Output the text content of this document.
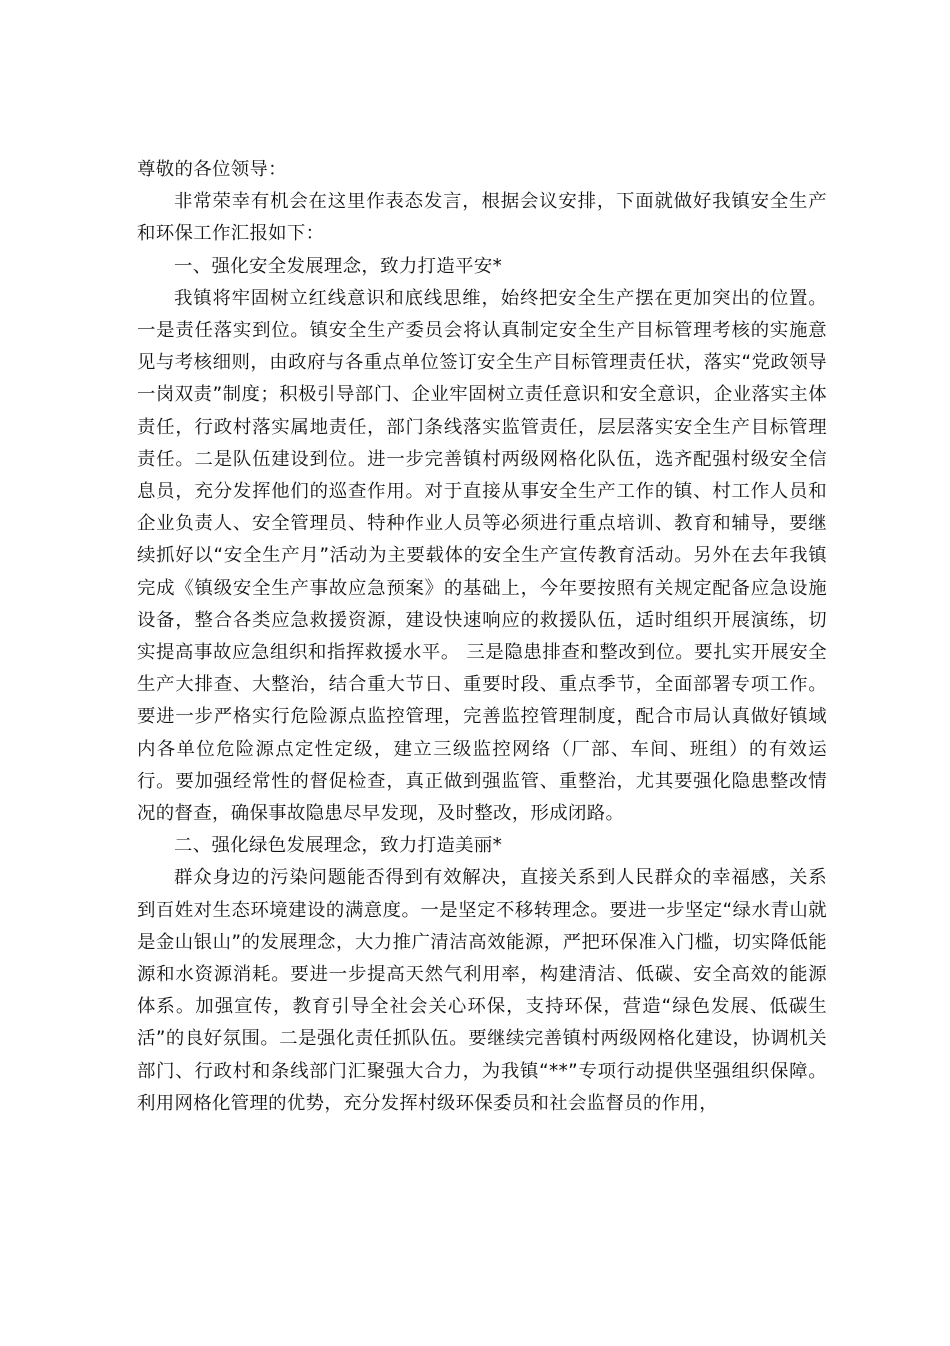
尊敬的各位领导：

非常荣幸有机会在这里作表态发言，根据会议安排，下面就做好我镇安全生产和环保工作汇报如下：

一、强化安全发展理念，致力打造平安*

我镇将牢固树立红线意识和底线思维，始终把安全生产摆在更加突出的位置。一是责任落实到位。镇安全生产委员会将认真制定安全生产目标管理考核的实施意见与考核细则，由政府与各重点单位签订安全生产目标管理责任状，落实“党政领导一岗双责”制度；积极引导部门、企业牢固树立责任意识和安全意识，企业落实主体责任，行政村落实属地责任，部门条线落实监管责任，层层落实安全生产目标管理责任。二是队伍建设到位。进一步完善镇村两级网格化队伍，选齐配强村级安全信息员，充分发挥他们的巡查作用。对于直接从事安全生产工作的镇、村工作人员和企业负责人、安全管理员、特种作业人员等必须进行重点培训、教育和辅导，要继续抓好以“安全生产月”活动为主要载体的安全生产宣传教育活动。另外在去年我镇完成《镇级安全生产事故应急预案》的基础上，今年要按照有关规定配备应急设施设备，整合各类应急救援资源，建设快速响应的救援队伍，适时组织开展演练，切实提高事故应急组织和指挥救援水平。 三是隐患排查和整改到位。要扎实开展安全生产大排查、大整治，结合重大节日、重要时段、重点季节，全面部署专项工作。要进一步严格实行危险源点监控管理，完善监控管理制度，配合市局认真做好镇域内各单位危险源点定性定级，建立三级监控网络（厂部、车间、班组）的有效运行。要加强经常性的督促检查，真正做到强监管、重整治，尤其要强化隐患整改情况的督查，确保事故隐患尽早发现，及时整改，形成闭路。

二、强化绿色发展理念，致力打造美丽*

群众身边的污染问题能否得到有效解决，直接关系到人民群众的幸福感，关系到百姓对生态环境建设的满意度。一是坚定不移转理念。要进一步坚定“绿水青山就是金山银山”的发展理念，大力推广清洁高效能源，严把环保准入门槛，切实降低能源和水资源消耗。要进一步提高天然气利用率，构建清洁、低碳、安全高效的能源体系。加强宣传，教育引导全社会关心环保，支持环保，营造“绿色发展、低碳生活”的良好氛围。二是强化责任抓队伍。要继续完善镇村两级网格化建设，协调机关部门、行政村和条线部门汇聚强大合力，为我镇“**”专项行动提供坚强组织保障。利用网格化管理的优势，充分发挥村级环保委员和社会监督员的作用，
